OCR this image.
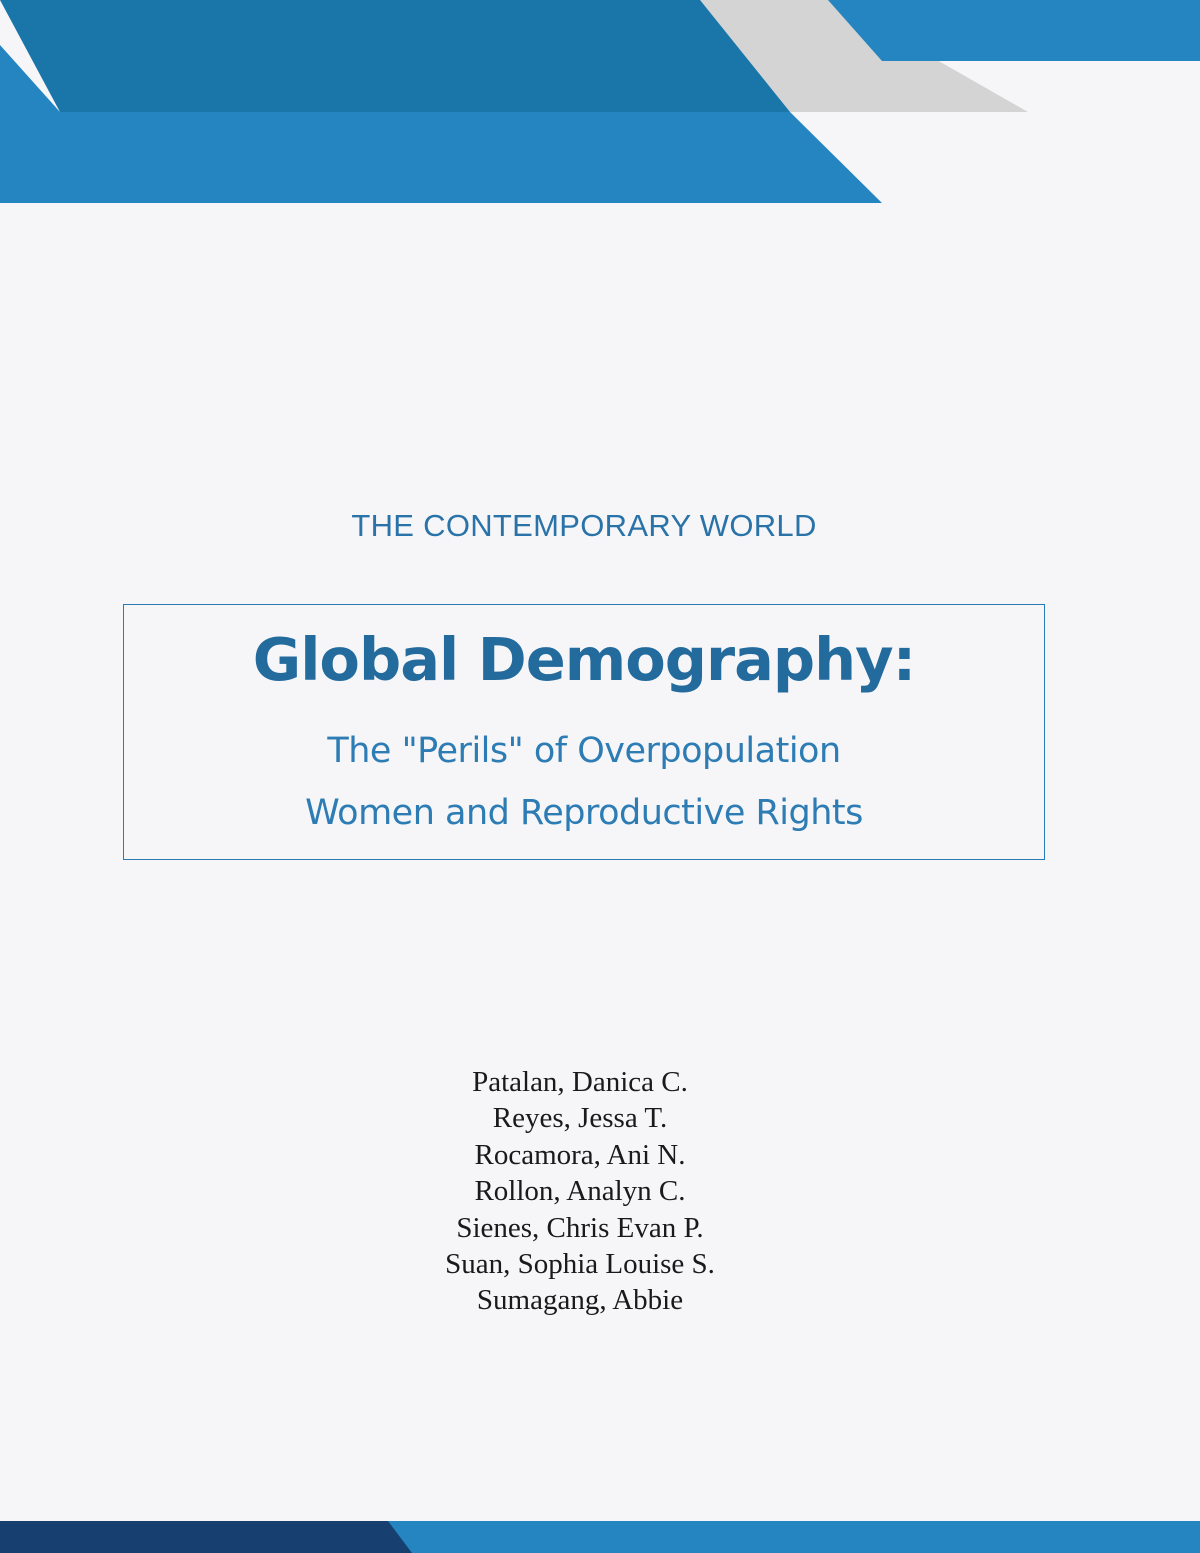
THE CONTEMPORARY WORLD
Global Demography:
The "Perils" of Overpopulation
Women and Reproductive Rights
Patalan, Danica C.
Reyes, Jessa T.
Rocamora, Ani N.
Rollon, Analyn C.
Sienes, Chris Evan P.
Suan, Sophia Louise S.
Sumagang, Abbie
